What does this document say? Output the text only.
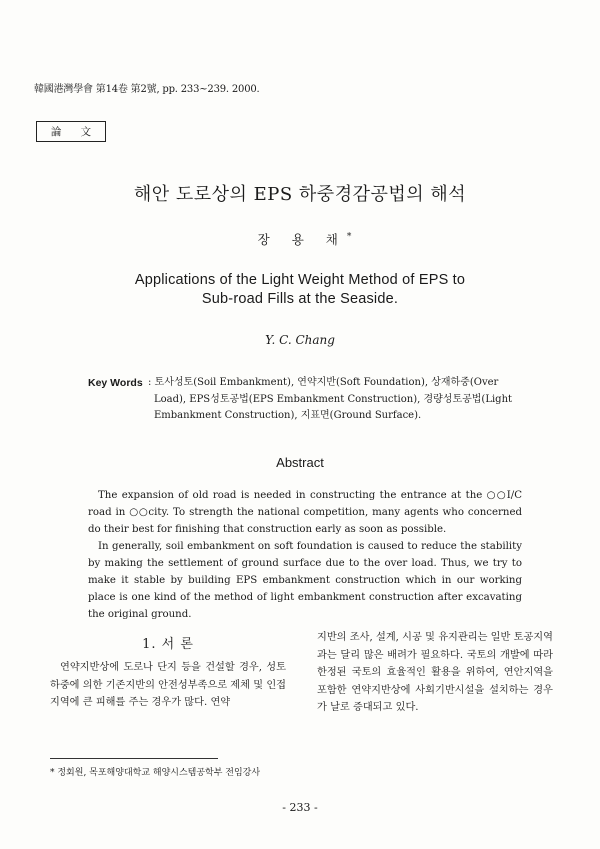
韓國港灣學會 第14卷 第2號, pp. 233~239. 2000.
論 文
해안 도로상의 EPS 하중경감공법의 해석
장 용 채*
Applications of the Light Weight Method of EPS to
Sub-road Fills at the Seaside.
Y. C. Chang
Key Words : 토사성토(Soil Embankment), 연약지반(Soft Foundation), 상재하중(Over Load), EPS성토공법(EPS Embankment Construction), 경량성토공법(Light Embankment Construction), 지표면(Ground Surface).
Abstract

The expansion of old road is needed in constructing the entrance at the ○○I/C road in ○○city. To strength the national competition, many agents who concerned do their best for finishing that construction early as soon as possible.

In generally, soil embankment on soft foundation is caused to reduce the stability by making the settlement of ground surface due to the over load. Thus, we try to make it stable by building EPS embankment construction which in our working place is one kind of the method of light embankment construction after excavating the original ground.

1. 서 론

연약지반상에 도로나 단지 등을 건설할 경우, 성토하중에 의한 기존지반의 안전성부족으로 제체 및 인접지역에 큰 피해를 주는 경우가 많다. 연약

지반의 조사, 설계, 시공 및 유지관리는 일반 토공지역과는 달리 많은 배려가 필요하다. 국토의 개발에 따라 한정된 국토의 효율적인 활용을 위하여, 연안지역을 포함한 연약지반상에 사회기반시설을 설치하는 경우가 날로 증대되고 있다.

* 정회원, 목포해양대학교 해양시스템공학부 전임강사
- 233 -
